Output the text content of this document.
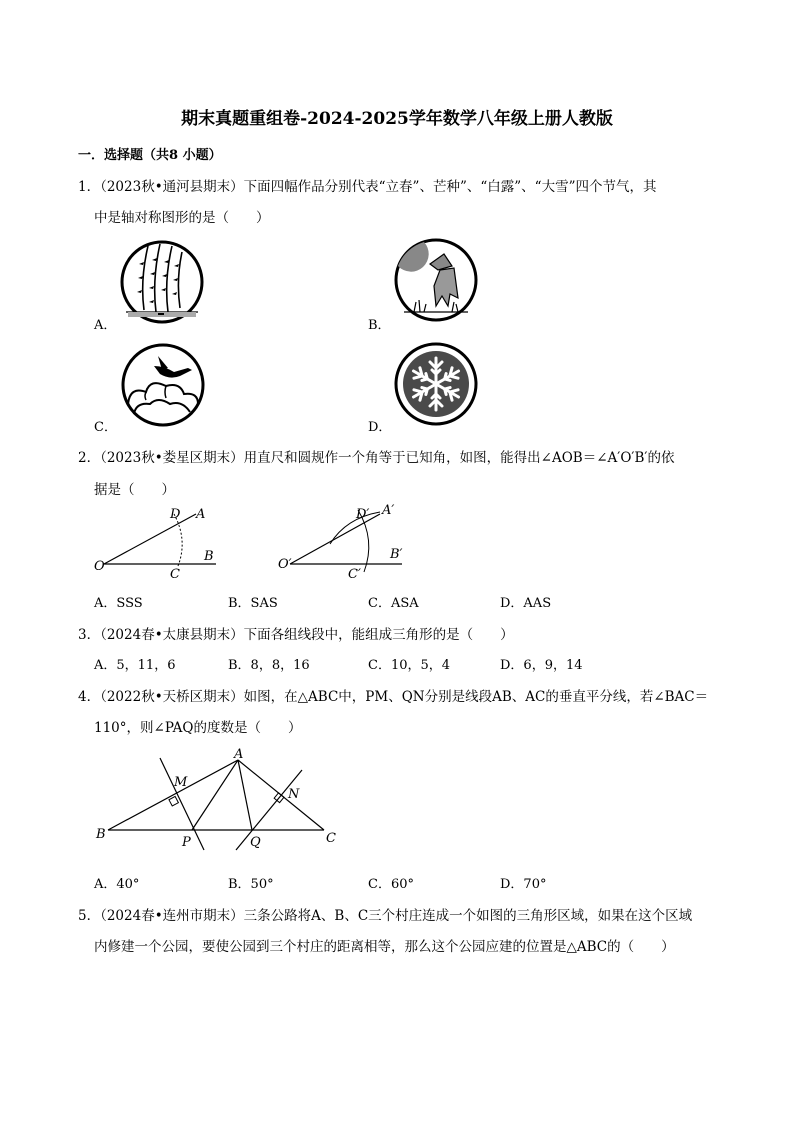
期末真题重组卷-2024-2025学年数学八年级上册人教版
一．选择题（共8 小题）
1．（2023秋•通河县期末）下面四幅作品分别代表“立春”、芒种”、“白露”、“大雪”四个节气，其
中是轴对称图形的是（　　）
A．	B．
C．	D．
2．（2023秋•娄星区期末）用直尺和圆规作一个角等于已知角，如图，能得出∠AOB＝∠A′O′B′的依
据是（　　）
O
A
B
C
D
O′
A′
B′
C′
D′
A．SSS	B．SAS	C．ASA	D．AAS
3．（2024春•太康县期末）下面各组线段中，能组成三角形的是（　　）
A．5，11，6	B．8，8，16	C．10，5，4	D．6，9，14
4．（2022秋•天桥区期末）如图，在△ABC中，PM、QN分别是线段AB、AC的垂直平分线，若∠BAC＝
110°，则∠PAQ的度数是（　　）
A
B	C
M
N
P	Q
A．40°	B．50°	C．60°	D．70°
5．（2024春•连州市期末）三条公路将A、B、C三个村庄连成一个如图的三角形区域，如果在这个区域
内修建一个公园，要使公园到三个村庄的距离相等，那么这个公园应建的位置是△ABC的（　　）
